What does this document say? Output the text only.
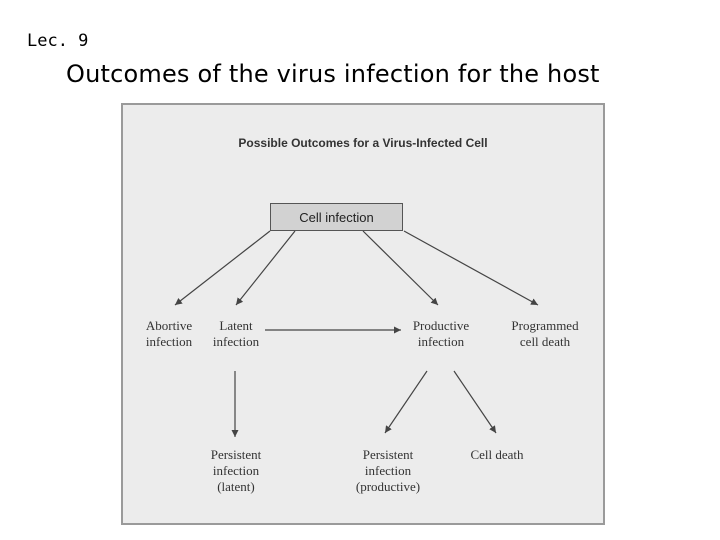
Lec. 9
Outcomes of the virus infection for the host
Possible Outcomes for a Virus-Infected Cell
Cell infection
Abortive
infection
Latent
infection
Productive
infection
Programmed
cell death
Persistent
infection
(latent)
Persistent
infection
(productive)
Cell death
